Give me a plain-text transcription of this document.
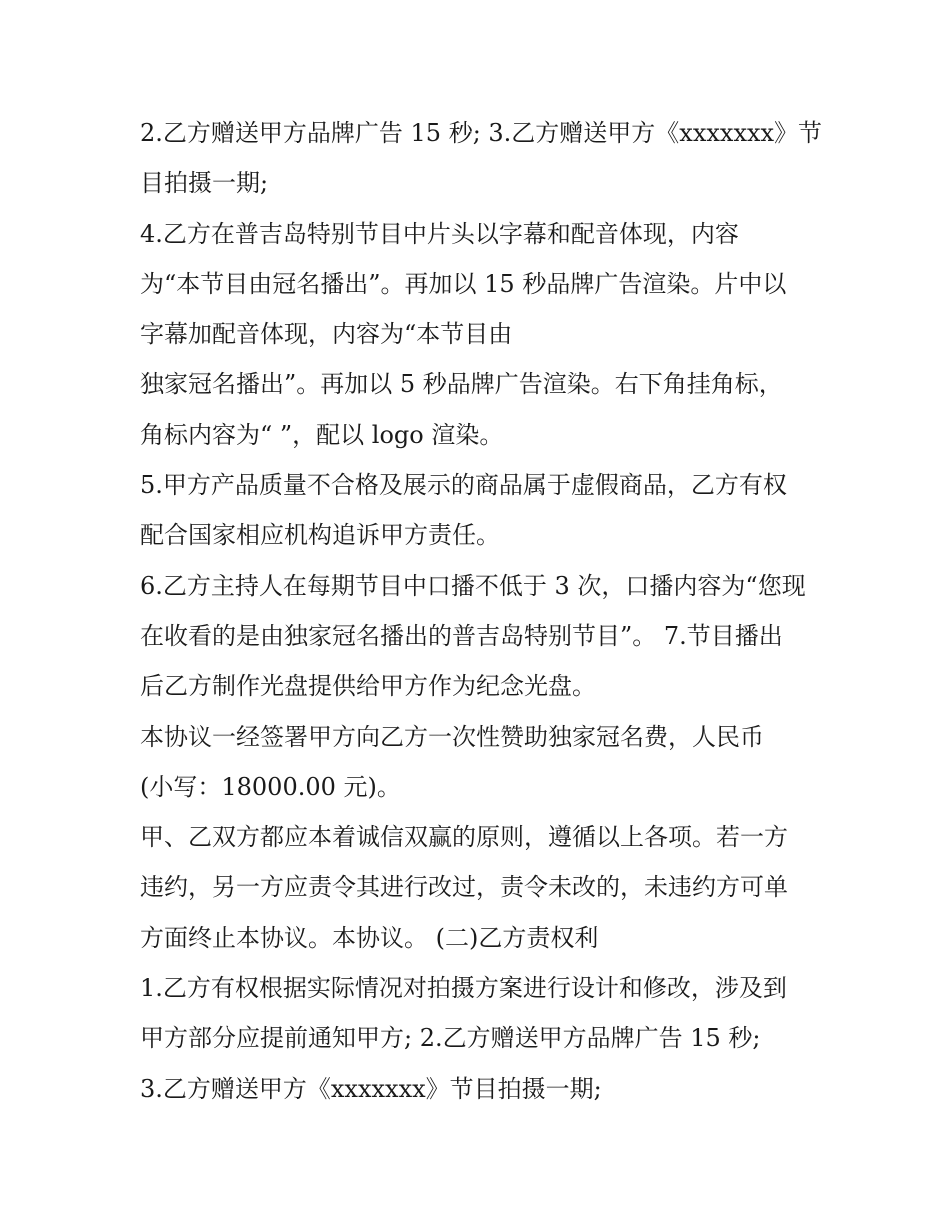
2.乙方赠送甲方品牌广告 15 秒; 3.乙方赠送甲方《xxxxxxx》节
目拍摄一期;
4.乙方在普吉岛特别节目中片头以字幕和配音体现，内容
为“本节目由冠名播出”。再加以 15 秒品牌广告渲染。片中以
字幕加配音体现，内容为“本节目由
独家冠名播出”。再加以 5 秒品牌广告渲染。右下角挂角标，
角标内容为“ ”，配以 logo 渲染。
5.甲方产品质量不合格及展示的商品属于虚假商品，乙方有权
配合国家相应机构追诉甲方责任。
6.乙方主持人在每期节目中口播不低于 3 次，口播内容为“您现
在收看的是由独家冠名播出的普吉岛特别节目”。 7.节目播出
后乙方制作光盘提供给甲方作为纪念光盘。
本协议一经签署甲方向乙方一次性赞助独家冠名费，人民币
(小写：18000.00 元)。
甲、乙双方都应本着诚信双赢的原则，遵循以上各项。若一方
违约，另一方应责令其进行改过，责令未改的，未违约方可单
方面终止本协议。本协议。 (二)乙方责权利
1.乙方有权根据实际情况对拍摄方案进行设计和修改，涉及到
甲方部分应提前通知甲方; 2.乙方赠送甲方品牌广告 15 秒;
3.乙方赠送甲方《xxxxxxx》节目拍摄一期;
